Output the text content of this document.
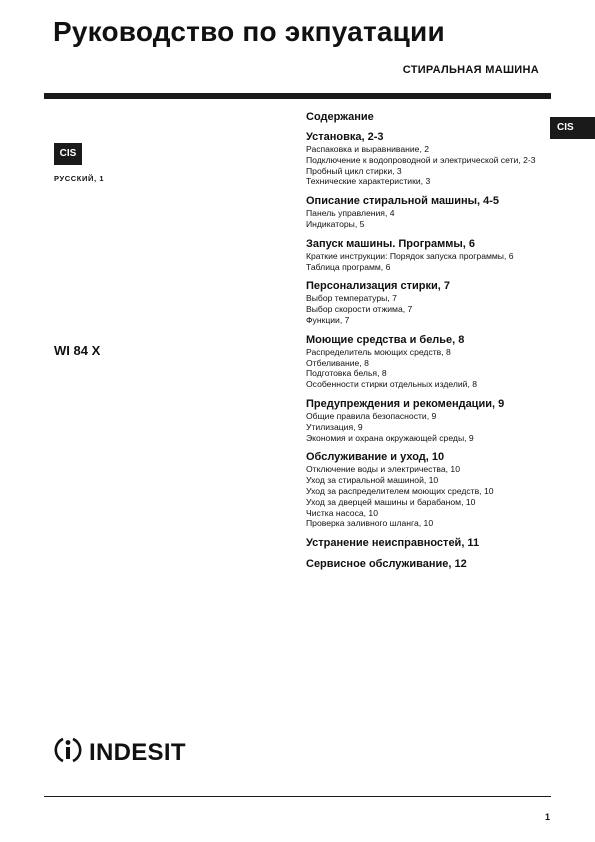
Руководство по экпуатации
СТИРАЛЬНАЯ МАШИНА
CIS
CIS
РУССКИЙ, 1
WI 84 X
Содержание
Установка, 2-3
Распаковка и выравнивание, 2
Подключение к водопроводной и электрической сети, 2-3
Пробный цикл стирки, 3
Технические характеристики, 3
Описание стиральной машины, 4-5
Панель управления, 4
Индикаторы, 5
Запуск машины. Программы, 6
Краткие инструкции: Порядок запуска программы, 6
Таблица программ, 6
Персонализация стирки, 7
Выбор температуры, 7
Выбор скорости отжима, 7
Функции, 7
Моющие средства и белье, 8
Распределитель моющих средств, 8
Отбеливание, 8
Подготовка белья, 8
Особенности стирки отдельных изделий, 8
Предупреждения и рекомендации, 9
Общие правила безопасности, 9
Утилизация, 9
Экономия и охрана окружающей среды, 9
Обслуживание и уход, 10
Отключение воды и электричества, 10
Уход за стиральной машиной, 10
Уход за распределителем моющих средств, 10
Уход за дверцей машины и барабаном, 10
Чистка насоса, 10
Проверка заливного шланга, 10
Устранение неисправностей, 11
Сервисное обслуживание, 12
INDESIT
1
